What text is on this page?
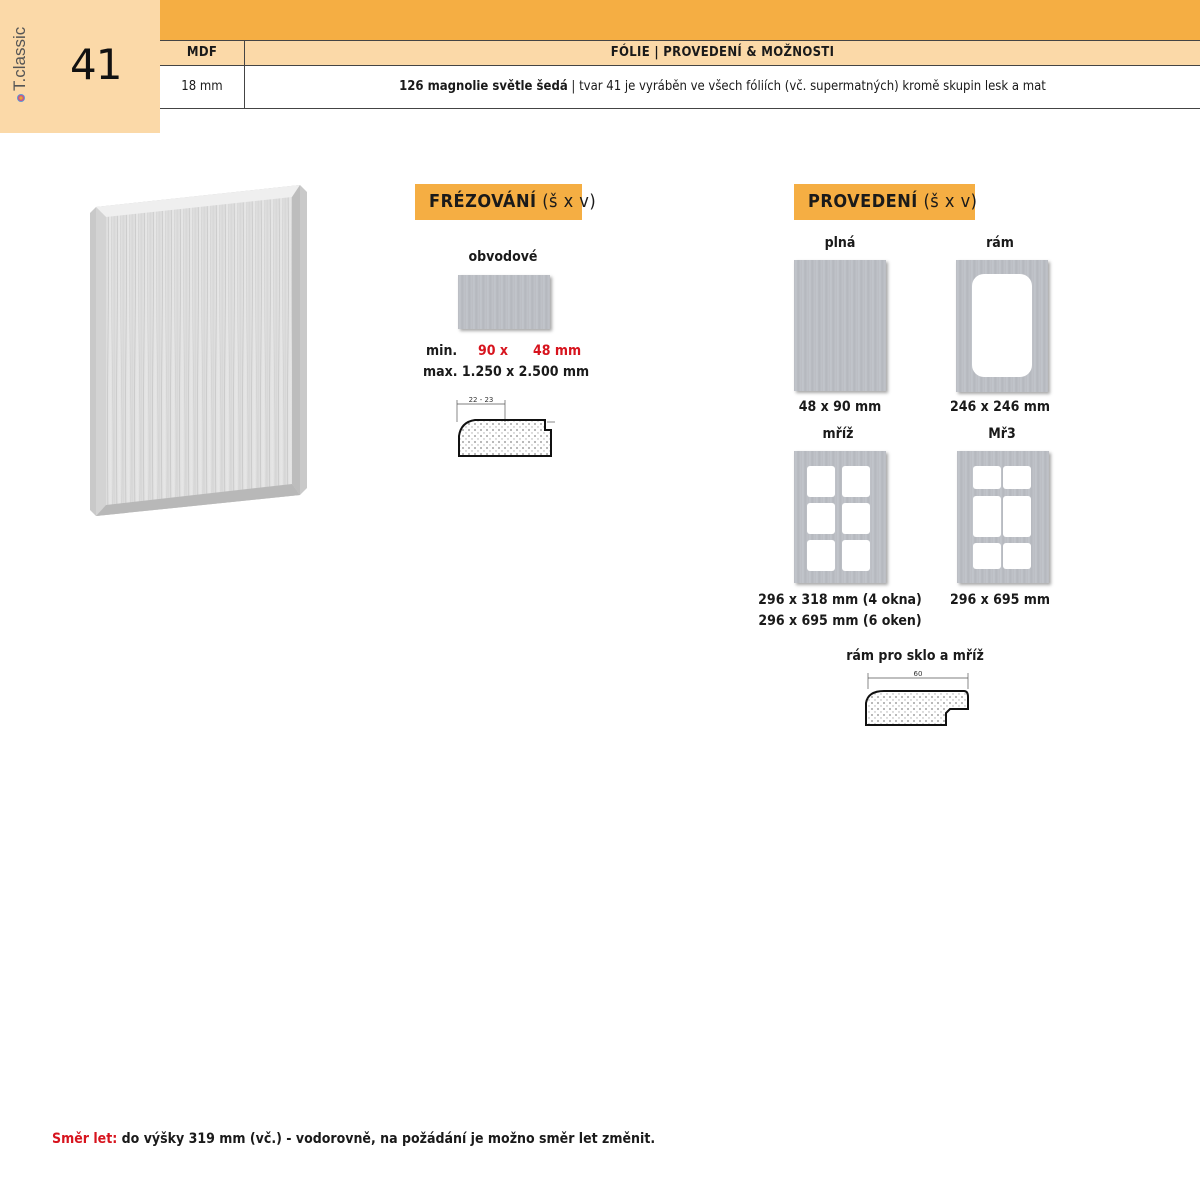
T.classic 41	MDF	FÓLIE | PROVEDENÍ & MOŽNOSTI
18 mm	126 magnolie světle šedá | tvar 41 je vyráběn ve všech fóliích (vč. supermatných) kromě skupin lesk a mat
FRÉZOVÁNÍ (š x v)
obvodové
min. 90 x	48 mm
max. 1.250 x 2.500 mm
22 - 23
PROVEDENÍ (š x v)
plná
48 x 90 mm
rám
246 x 246 mm
mříž
296 x 318 mm (4 okna)
296 x 695 mm (6 oken)
Mř3
296 x 695 mm
rám pro sklo a mříž
60
Směr let: do výšky 319 mm (vč.) - vodorovně, na požádání je možno směr let změnit.
